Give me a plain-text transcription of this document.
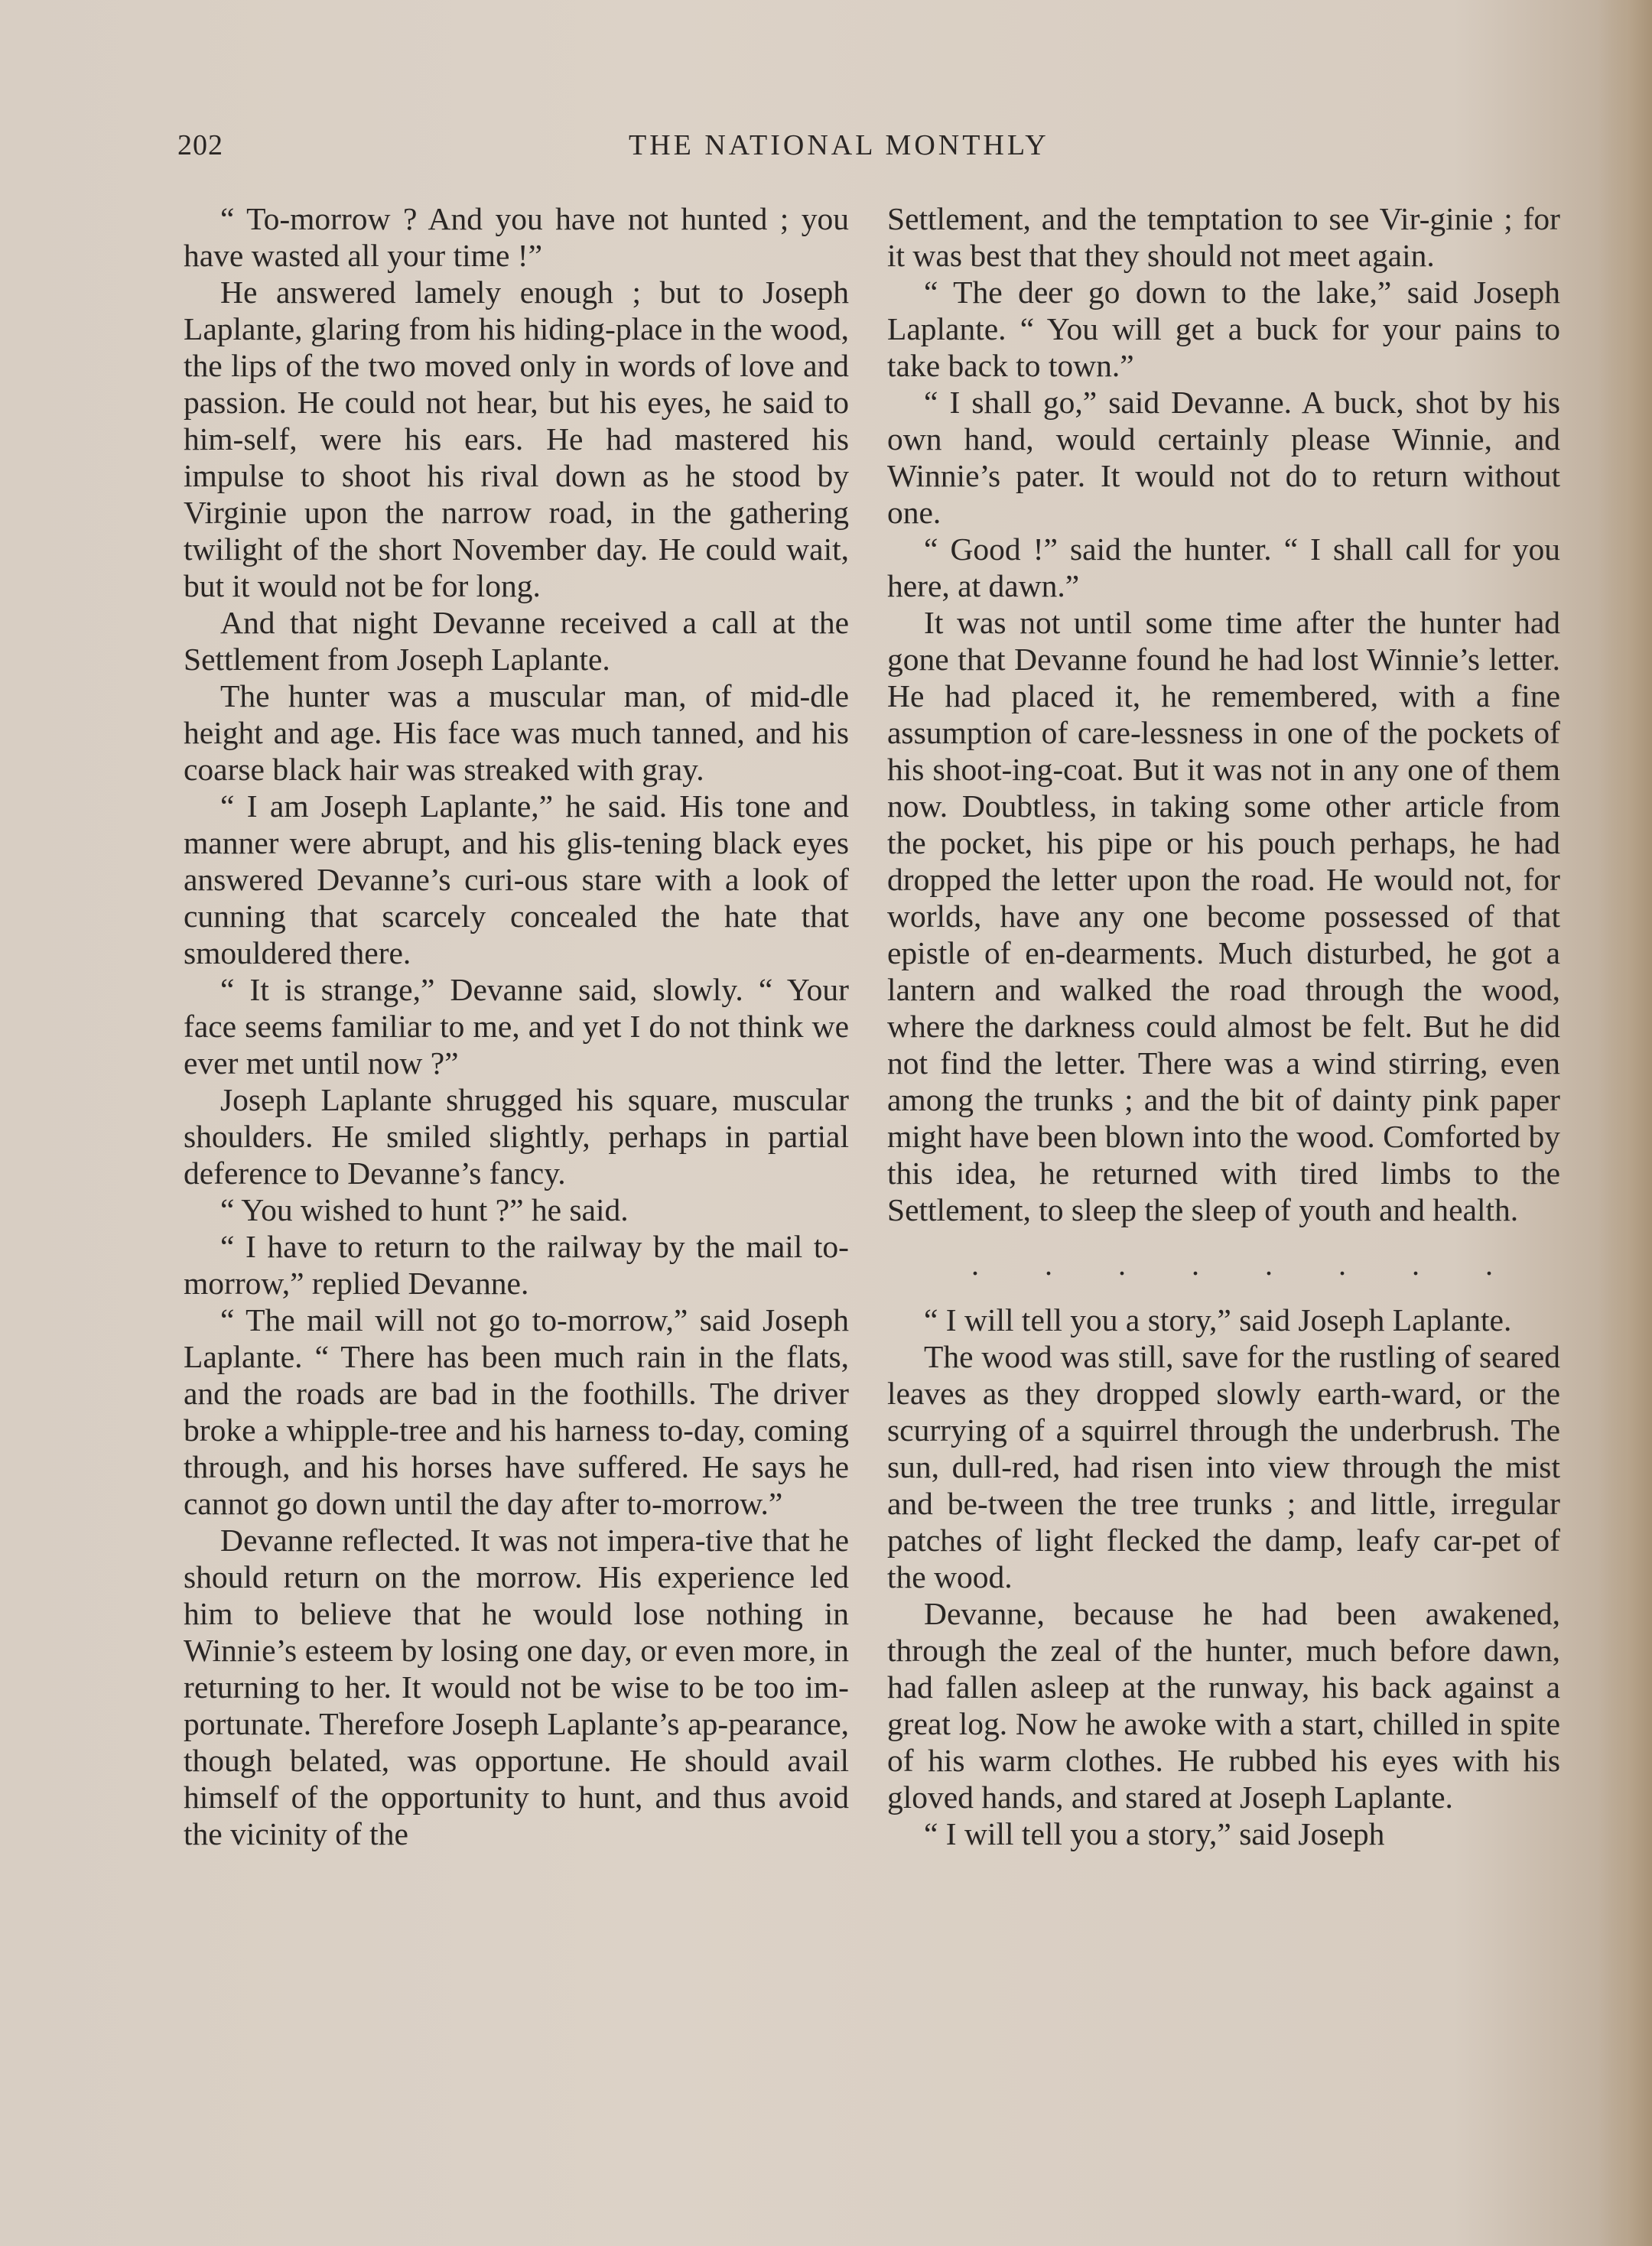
202	THE NATIONAL MONTHLY

“ To-morrow ? And you have not hunted ; you have wasted all your time !”

He answered lamely enough ; but to Joseph Laplante, glaring from his hiding-place in the wood, the lips of the two moved only in words of love and passion. He could not hear, but his eyes, he said to him-self, were his ears. He had mastered his impulse to shoot his rival down as he stood by Virginie upon the narrow road, in the gathering twilight of the short November day. He could wait, but it would not be for long.

And that night Devanne received a call at the Settlement from Joseph Laplante.

The hunter was a muscular man, of mid-dle height and age. His face was much tanned, and his coarse black hair was streaked with gray.

“ I am Joseph Laplante,” he said. His tone and manner were abrupt, and his glis-tening black eyes answered Devanne’s curi-ous stare with a look of cunning that scarcely concealed the hate that smouldered there.

“ It is strange,” Devanne said, slowly. “ Your face seems familiar to me, and yet I do not think we ever met until now ?”

Joseph Laplante shrugged his square, muscular shoulders. He smiled slightly, perhaps in partial deference to Devanne’s fancy.

“ You wished to hunt ?” he said.

“ I have to return to the railway by the mail to-morrow,” replied Devanne.

“ The mail will not go to-morrow,” said Joseph Laplante. “ There has been much rain in the flats, and the roads are bad in the foothills. The driver broke a whipple-tree and his harness to-day, coming through, and his horses have suffered. He says he cannot go down until the day after to-morrow.”

Devanne reflected. It was not impera-tive that he should return on the morrow. His experience led him to believe that he would lose nothing in Winnie’s esteem by losing one day, or even more, in returning to her. It would not be wise to be too im-portunate. Therefore Joseph Laplante’s ap-pearance, though belated, was opportune. He should avail himself of the opportunity to hunt, and thus avoid the vicinity of the

Settlement, and the temptation to see Vir-ginie ; for it was best that they should not meet again.

“ The deer go down to the lake,” said Joseph Laplante. “ You will get a buck for your pains to take back to town.”

“ I shall go,” said Devanne. A buck, shot by his own hand, would certainly please Winnie, and Winnie’s pater. It would not do to return without one.

“ Good !” said the hunter. “ I shall call for you here, at dawn.”

It was not until some time after the hunter had gone that Devanne found he had lost Winnie’s letter. He had placed it, he remembered, with a fine assumption of care-lessness in one of the pockets of his shoot-ing-coat. But it was not in any one of them now. Doubtless, in taking some other article from the pocket, his pipe or his pouch perhaps, he had dropped the letter upon the road. He would not, for worlds, have any one become possessed of that epistle of en-dearments. Much disturbed, he got a lantern and walked the road through the wood, where the darkness could almost be felt. But he did not find the letter. There was a wind stirring, even among the trunks ; and the bit of dainty pink paper might have been blown into the wood. Comforted by this idea, he returned with tired limbs to the Settlement, to sleep the sleep of youth and health.

. . . . . . . .

“ I will tell you a story,” said Joseph Laplante.

The wood was still, save for the rustling of seared leaves as they dropped slowly earth-ward, or the scurrying of a squirrel through the underbrush. The sun, dull-red, had risen into view through the mist and be-tween the tree trunks ; and little, irregular patches of light flecked the damp, leafy car-pet of the wood.

Devanne, because he had been awakened, through the zeal of the hunter, much before dawn, had fallen asleep at the runway, his back against a great log. Now he awoke with a start, chilled in spite of his warm clothes. He rubbed his eyes with his gloved hands, and stared at Joseph Laplante.

“ I will tell you a story,” said Joseph
